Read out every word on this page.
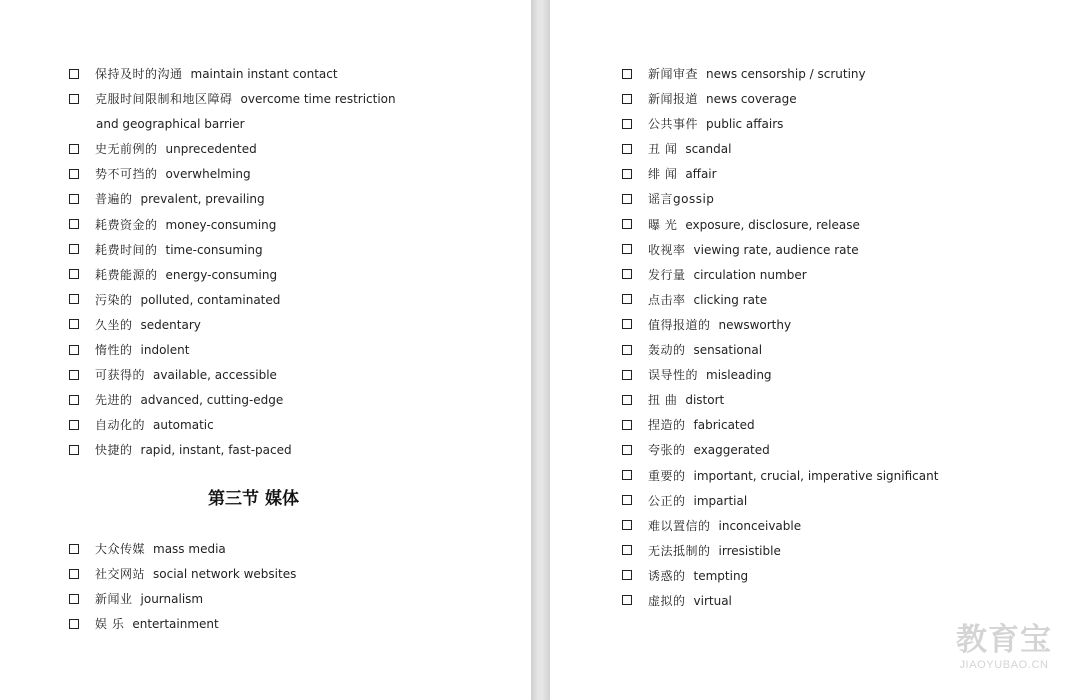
保持及时的沟通 maintain instant contact
克服时间限制和地区障碍 overcome time restriction
and geographical barrier
史无前例的 unprecedented
势不可挡的 overwhelming
普遍的 prevalent, prevailing
耗费资金的 money-consuming
耗费时间的 time-consuming
耗费能源的 energy-consuming
污染的 polluted, contaminated
久坐的 sedentary
惰性的 indolent
可获得的 available, accessible
先进的 advanced, cutting-edge
自动化的 automatic
快捷的 rapid, instant, fast-paced
第三节 媒体
大众传媒 mass media
社交网站 social network websites
新闻业 journalism
娱 乐 entertainment
新闻审查 news censorship / scrutiny
新闻报道 news coverage
公共事件 public affairs
丑 闻 scandal
绯 闻 affair
谣言gossip
曝 光 exposure, disclosure, release
收视率 viewing rate, audience rate
发行量 circulation number
点击率 clicking rate
值得报道的 newsworthy
轰动的 sensational
误导性的 misleading
扭 曲 distort
捏造的 fabricated
夸张的 exaggerated
重要的 important, crucial, imperative significant
公正的 impartial
难以置信的 inconceivable
无法抵制的 irresistible
诱惑的 tempting
虚拟的 virtual
教育宝
JIAOYUBAO.CN
